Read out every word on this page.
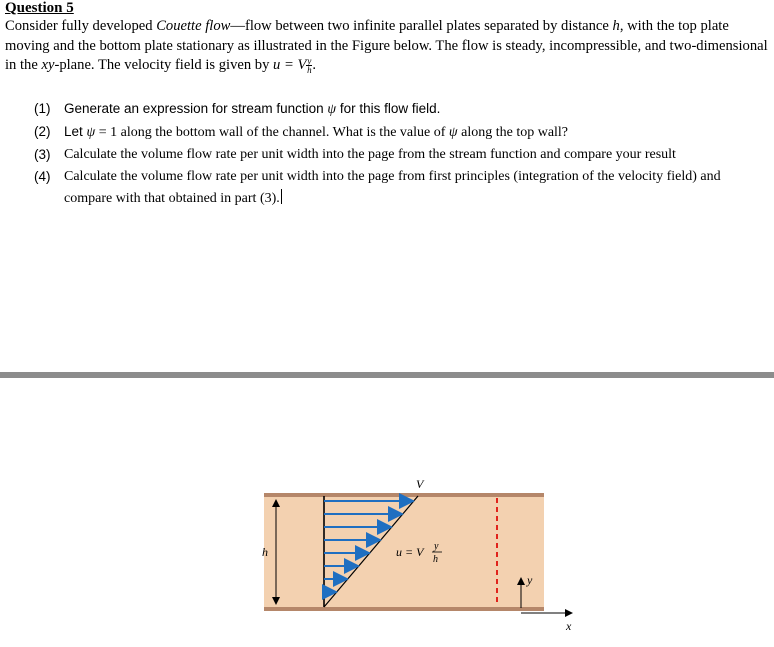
Question 5
Consider fully developed Couette flow—flow between two infinite parallel plates separated by distance h, with the top plate moving and the bottom plate stationary as illustrated in the Figure below. The flow is steady, incompressible, and two-dimensional in the xy-plane. The velocity field is given by u = V $\frac{y}{h}$ .
(1)	Generate an expression for stream function ψ for this flow field.
(2)	Let ψ = 1 along the bottom wall of the channel. What is the value of ψ along the top wall?
(3) Calculate the volume flow rate per unit width into the page from the stream function and compare your result
(4) Calculate the volume flow rate per unit width into the page from first principles (integration of the velocity field) and compare with that obtained in part (3).
h
V
u = V y
h
y
x
